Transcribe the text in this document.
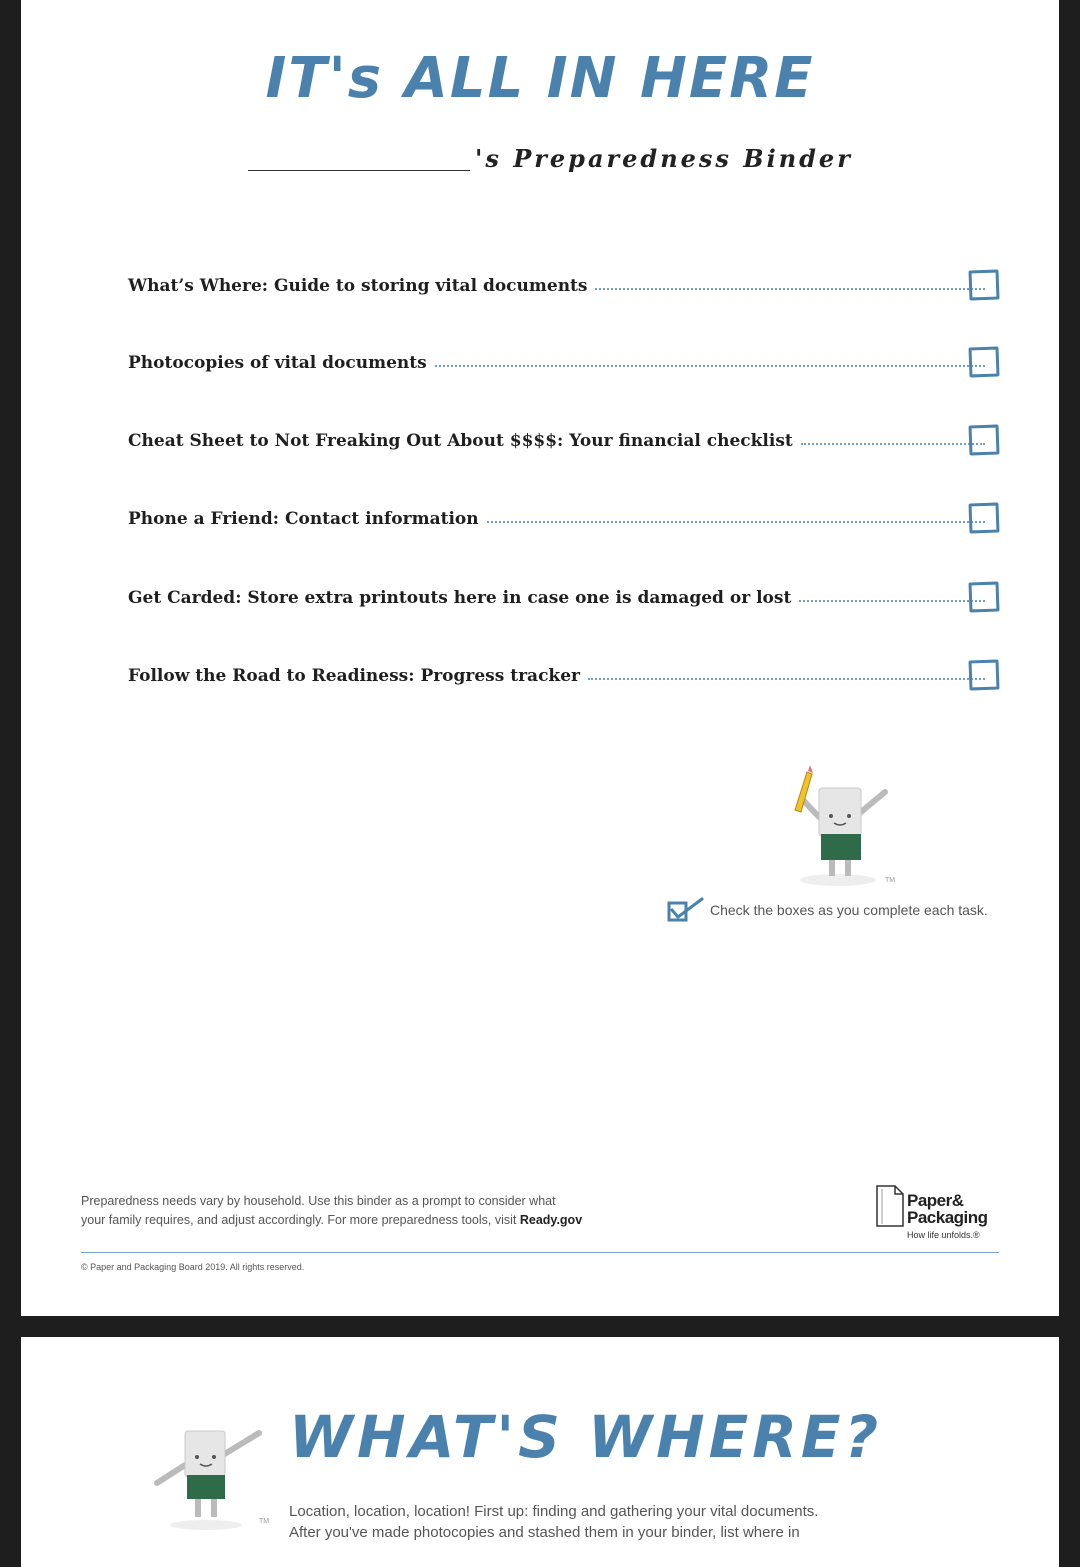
IT's ALL IN HERE
's Preparedness Binder
What’s Where: Guide to storing vital documents
Photocopies of vital documents
Cheat Sheet to Not Freaking Out About $$$$: Your financial checklist
Phone a Friend: Contact information
Get Carded: Store extra printouts here in case one is damaged or lost
Follow the Road to Readiness: Progress tracker
TM
Check the boxes as you complete each task.
Preparedness needs vary by household. Use this binder as a prompt to consider what
your family requires, and adjust accordingly. For more preparedness tools, visit Ready.gov
Paper&
Packaging
How life unfolds.®
© Paper and Packaging Board 2019. All rights reserved.
TM
WHAT'S WHERE?
Location, location, location! First up: finding and gathering your vital documents.
After you've made photocopies and stashed them in your binder, list where in
